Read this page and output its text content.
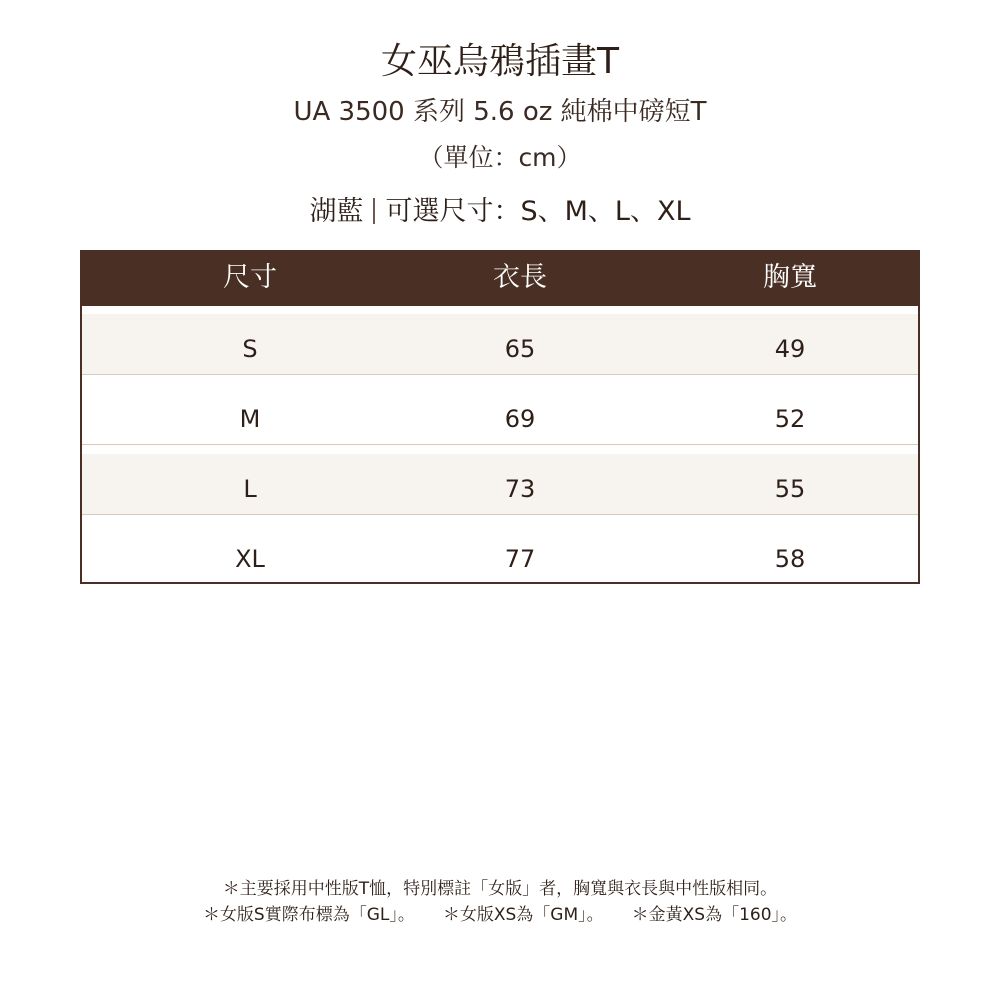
女巫烏鴉插畫T
UA 3500 系列 5.6 oz 純棉中磅短T
（單位：cm）
湖藍 可選尺寸：S、M、L、XL
尺寸	衣長	胸寬
S	65	49
M	69	52
L	73	55
XL	77	58
＊主要採用中性版T恤，特別標註「女版」者，胸寬與衣長與中性版相同。
＊女版S實際布標為「GL」。 ＊女版XS為「GM」。 ＊金黃XS為「160」。
